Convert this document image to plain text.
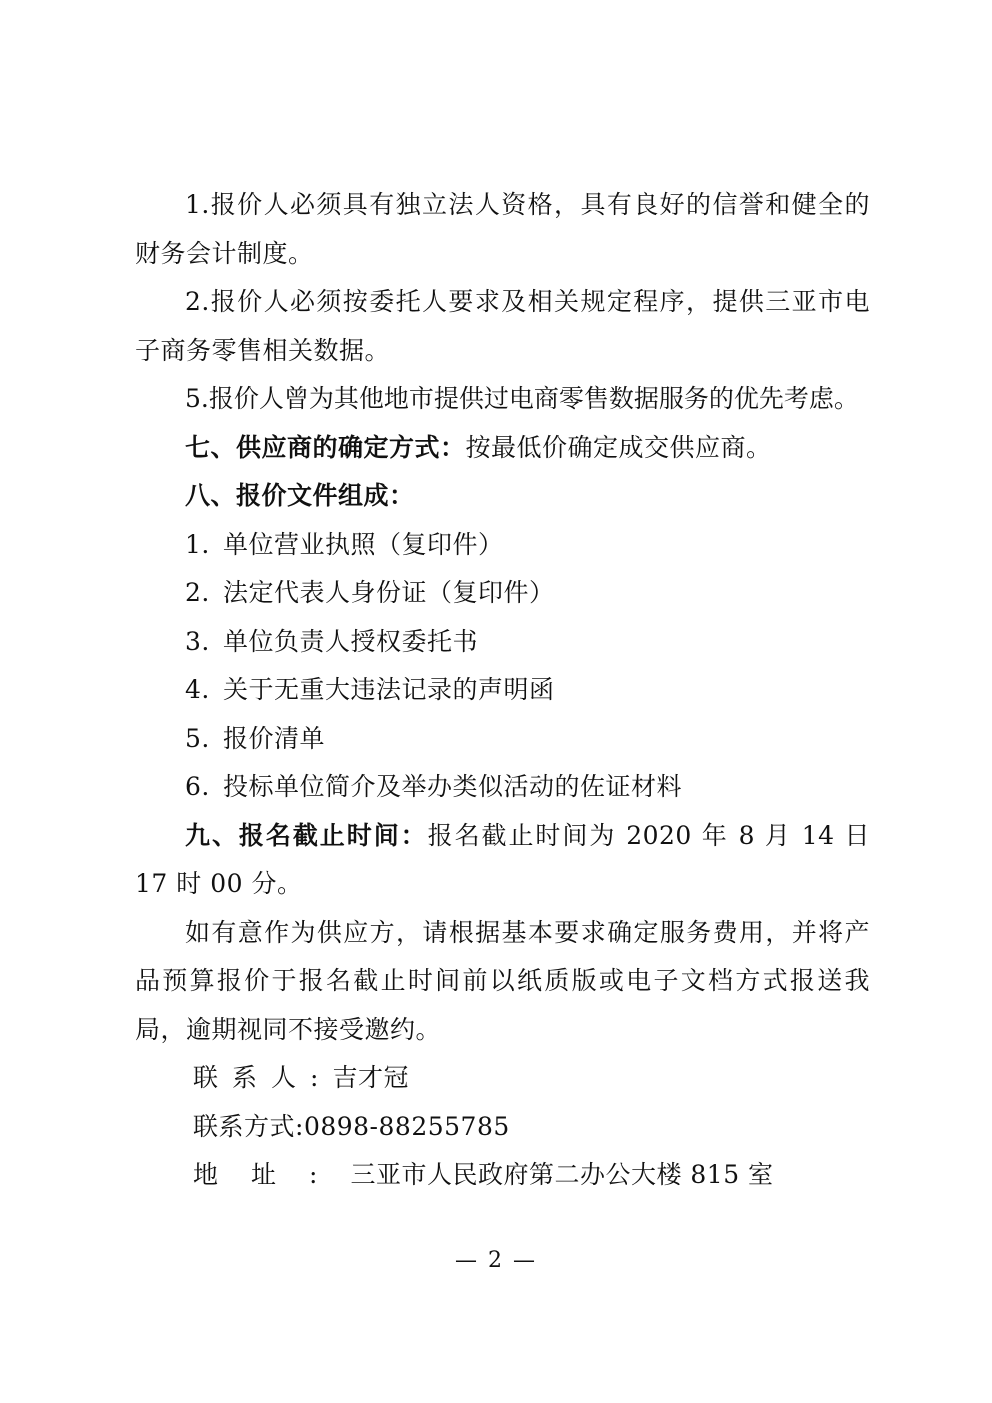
1.报价人必须具有独立法人资格，具有良好的信誉和健全的财务会计制度。

2.报价人必须按委托人要求及相关规定程序，提供三亚市电子商务零售相关数据。

5.报价人曾为其他地市提供过电商零售数据服务的优先考虑。

七、供应商的确定方式：按最低价确定成交供应商。

八、报价文件组成：

1. 单位营业执照（复印件）

2. 法定代表人身份证（复印件）

3. 单位负责人授权委托书

4. 关于无重大违法记录的声明函

5. 报价清单

6. 投标单位简介及举办类似活动的佐证材料

九、报名截止时间：报名截止时间为 2020 年 8 月 14 日 17 时 00 分。

如有意作为供应方，请根据基本要求确定服务费用，并将产品预算报价于报名截止时间前以纸质版或电子文档方式报送我局，逾期视同不接受邀约。

联系人:吉才冠

联系方式:0898-88255785

地址:三亚市人民政府第二办公大楼 815 室

— 2 —
